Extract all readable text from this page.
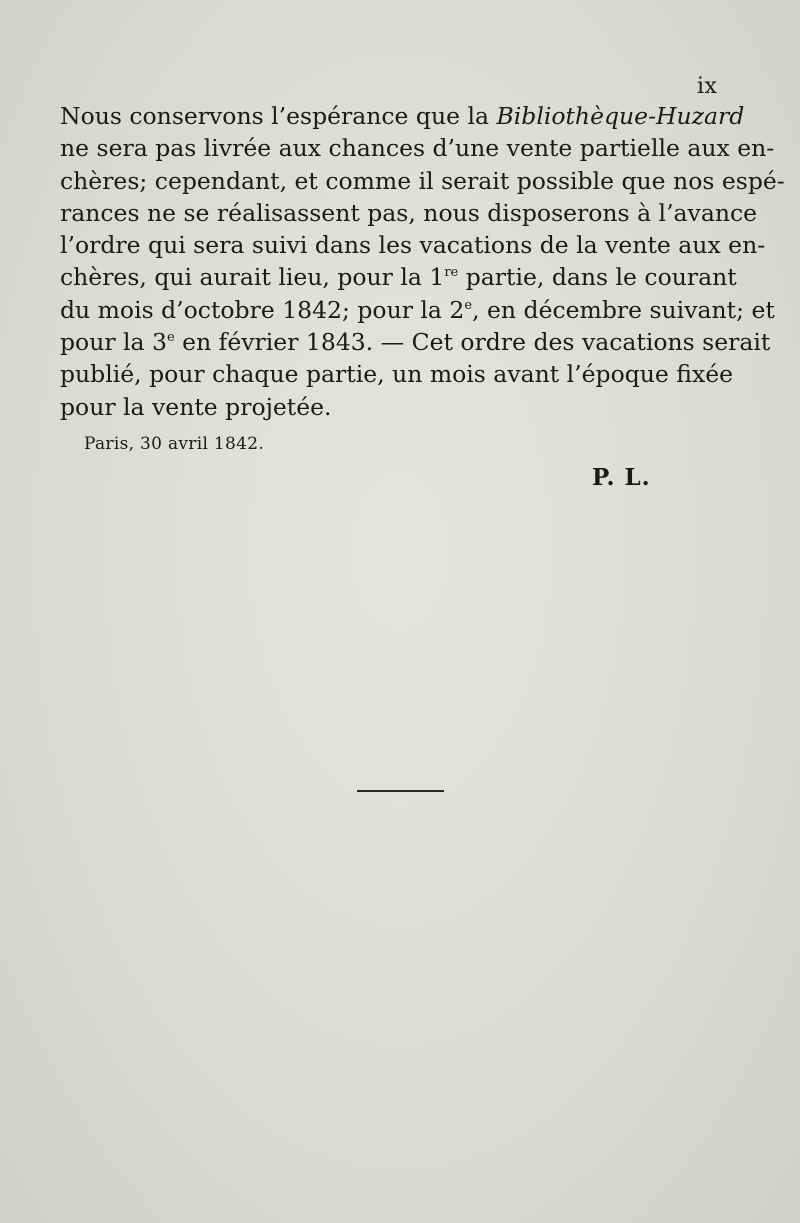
ix
Nous conservons l’espérance que la Bibliothèque-Huzard
ne sera pas livrée aux chances d’une vente partielle aux en-
chères; cependant, et comme il serait possible que nos espé-
rances ne se réalisassent pas, nous disposerons à l’avance
l’ordre qui sera suivi dans les vacations de la vente aux en-
chères, qui aurait lieu, pour la 1re partie, dans le courant
du mois d’octobre 1842; pour la 2e, en décembre suivant; et
pour la 3e en février 1843. — Cet ordre des vacations serait
publié, pour chaque partie, un mois avant l’époque fixée
pour la vente projetée.
Paris, 30 avril 1842.
P. L.
